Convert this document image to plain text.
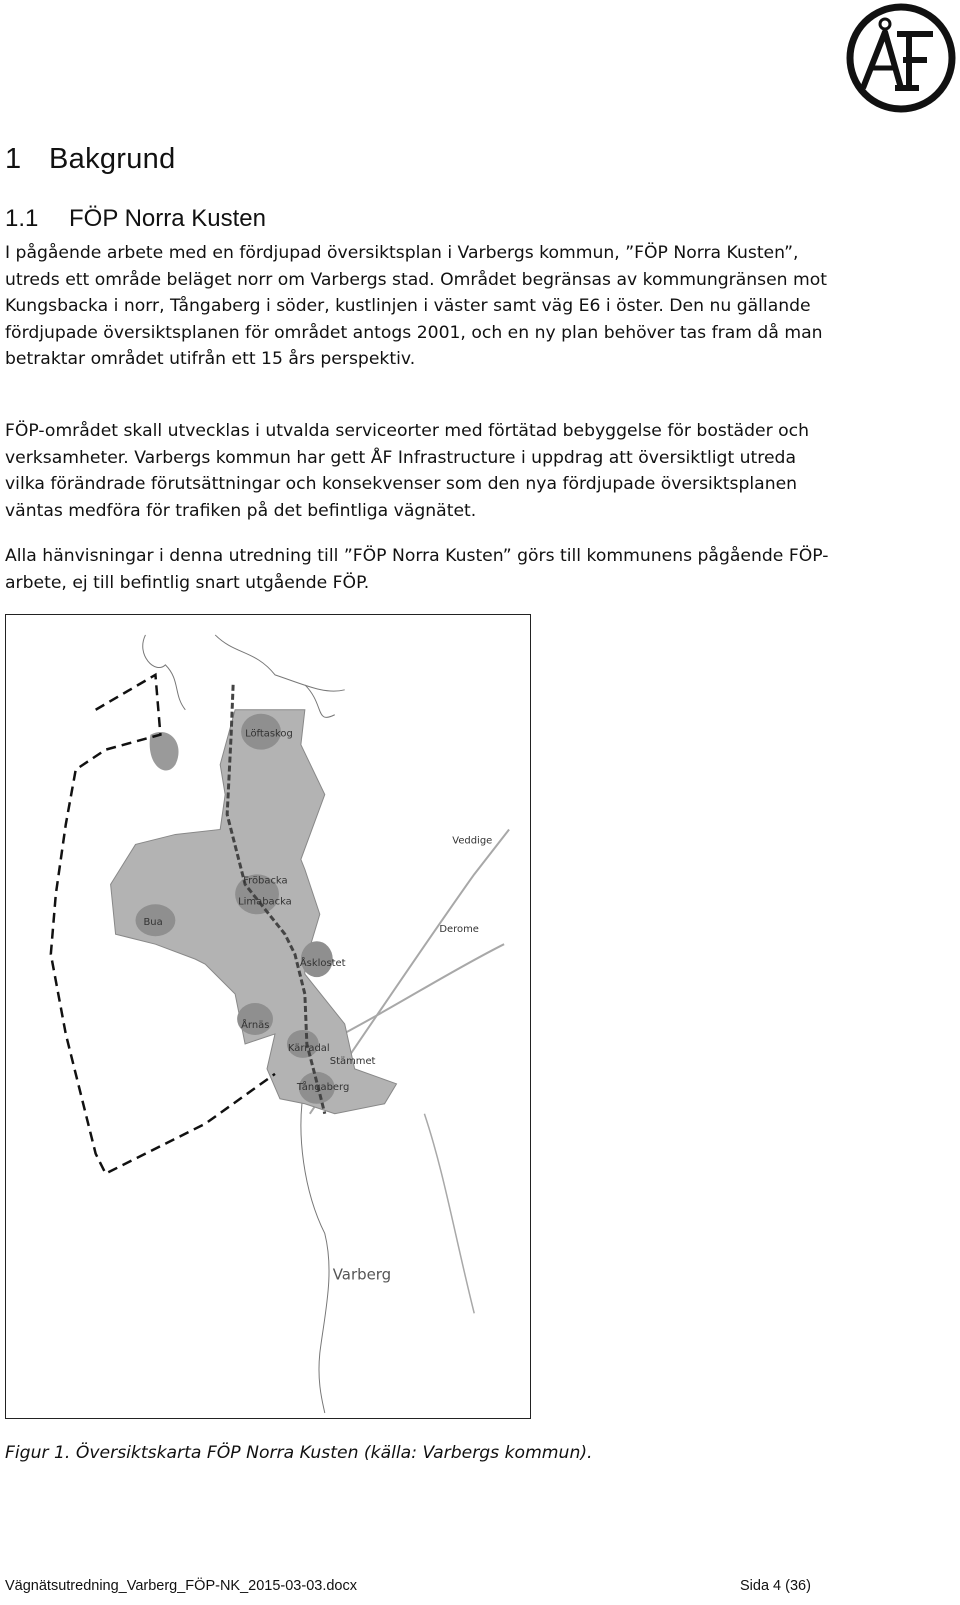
1 Bakgrund
1.1 FÖP Norra Kusten

I pågående arbete med en fördjupad översiktsplan i Varbergs kommun, ”FÖP Norra Kusten”, utreds ett område beläget norr om Varbergs stad. Området begränsas av kommungränsen mot Kungsbacka i norr, Tångaberg i söder, kustlinjen i väster samt väg E6 i öster. Den nu gällande fördjupade översiktsplanen för området antogs 2001, och en ny plan behöver tas fram då man betraktar området utifrån ett 15 års perspektiv.

FÖP-området skall utvecklas i utvalda serviceorter med förtätad bebyggelse för bostäder och verksamheter. Varbergs kommun har gett ÅF Infrastructure i uppdrag att översiktligt utreda vilka förändrade förutsättningar och konsekvenser som den nya fördjupade översiktsplanen väntas medföra för trafiken på det befintliga vägnätet.

Alla hänvisningar i denna utredning till ”FÖP Norra Kusten” görs till kommunens pågående FÖP-arbete, ej till befintlig snart utgående FÖP.

Löftaskog
Veddige
Fröbacka
Limabacka
Bua
Derome
Åsklostet
Årnäs
Kärradal
Stämmet
Tångaberg
Varberg

Figur 1. Översiktskarta FÖP Norra Kusten (källa: Varbergs kommun).

Vägnätsutredning_Varberg_FÖP-NK_2015-03-03.docx	Sida 4 (36)
